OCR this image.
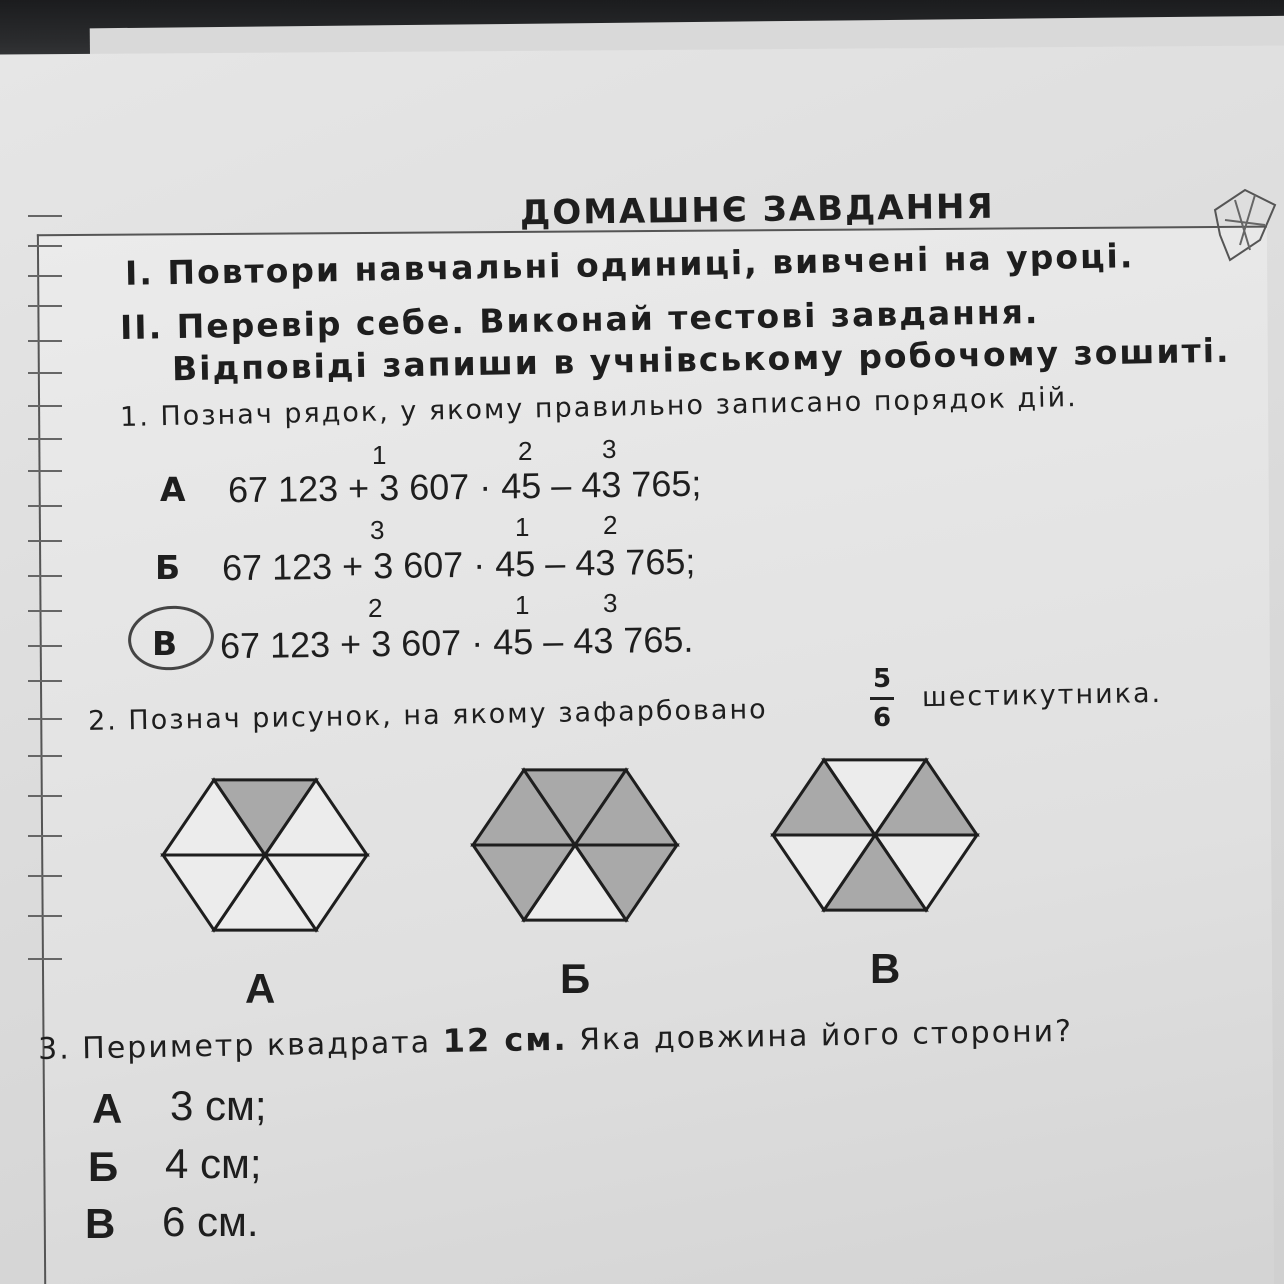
ДОМАШНЄ ЗАВДАННЯ
I. Повтори навчальні одиниці, вивчені на уроці.
II. Перевір себе. Виконай тестові завдання.
Відповіді запиши в учнівському робочому зошиті.
1. Познач рядок, у якому правильно записано порядок дій.
А 67 123 + 3 607 · 45 – 43 765;
1	2	3
Б 67 123 + 3 607 · 45 – 43 765;
3	1	2
В 67 123 + 3 607 · 45 – 43 765.
2	1	3
2. Познач рисунок, на якому зафарбовано
5
6
шестикутника.
А	Б	В
3. Периметр квадрата 12 см. Яка довжина його сторони?
А 3 см;
Б 4 см;
В 6 см.
